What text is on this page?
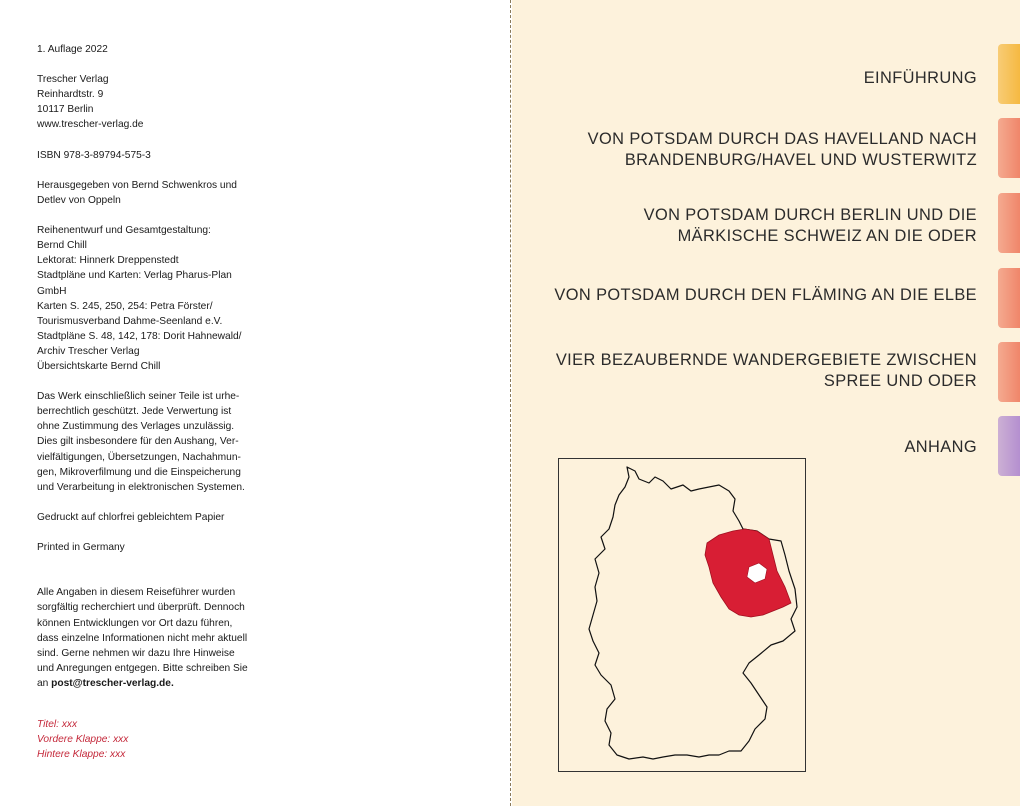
1. Auflage 2022
Trescher Verlag
Reinhardtstr. 9
10117 Berlin
www.trescher-verlag.de
ISBN 978-3-89794-575-3
Herausgegeben von Bernd Schwenkros und
Detlev von Oppeln
Reihenentwurf und Gesamtgestaltung:
Bernd Chill
Lektorat: Hinnerk Dreppenstedt
Stadtpläne und Karten: Verlag Pharus-Plan
GmbH
Karten S. 245, 250, 254: Petra Förster/
Tourismusverband Dahme-Seenland e.V.
Stadtpläne S. 48, 142, 178: Dorit Hahnewald/
Archiv Trescher Verlag
Übersichtskarte Bernd Chill
Das Werk einschließlich seiner Teile ist urhe-
berrechtlich geschützt. Jede Verwertung ist
ohne Zustimmung des Verlages unzulässig.
Dies gilt insbesondere für den Aushang, Ver-
vielfältigungen, Übersetzungen, Nachahmun-
gen, Mikroverfilmung und die Einspeicherung
und Verarbeitung in elektronischen Systemen.
Gedruckt auf chlorfrei gebleichtem Papier
Printed in Germany
Alle Angaben in diesem Reiseführer wurden
sorgfältig recherchiert und überprüft. Dennoch
können Entwicklungen vor Ort dazu führen,
dass einzelne Informationen nicht mehr aktuell
sind. Gerne nehmen wir dazu Ihre Hinweise
und Anregungen entgegen. Bitte schreiben Sie
an post@trescher-verlag.de.
Titel: xxx
Vordere Klappe: xxx
Hintere Klappe: xxx
EINFÜHRUNG
VON POTSDAM DURCH DAS HAVELLAND NACH
BRANDENBURG/HAVEL UND WUSTERWITZ
VON POTSDAM DURCH BERLIN UND DIE
MÄRKISCHE SCHWEIZ AN DIE ODER
VON POTSDAM DURCH DEN FLÄMING AN DIE ELBE
VIER BEZAUBERNDE WANDERGEBIETE ZWISCHEN
SPREE UND ODER
ANHANG
